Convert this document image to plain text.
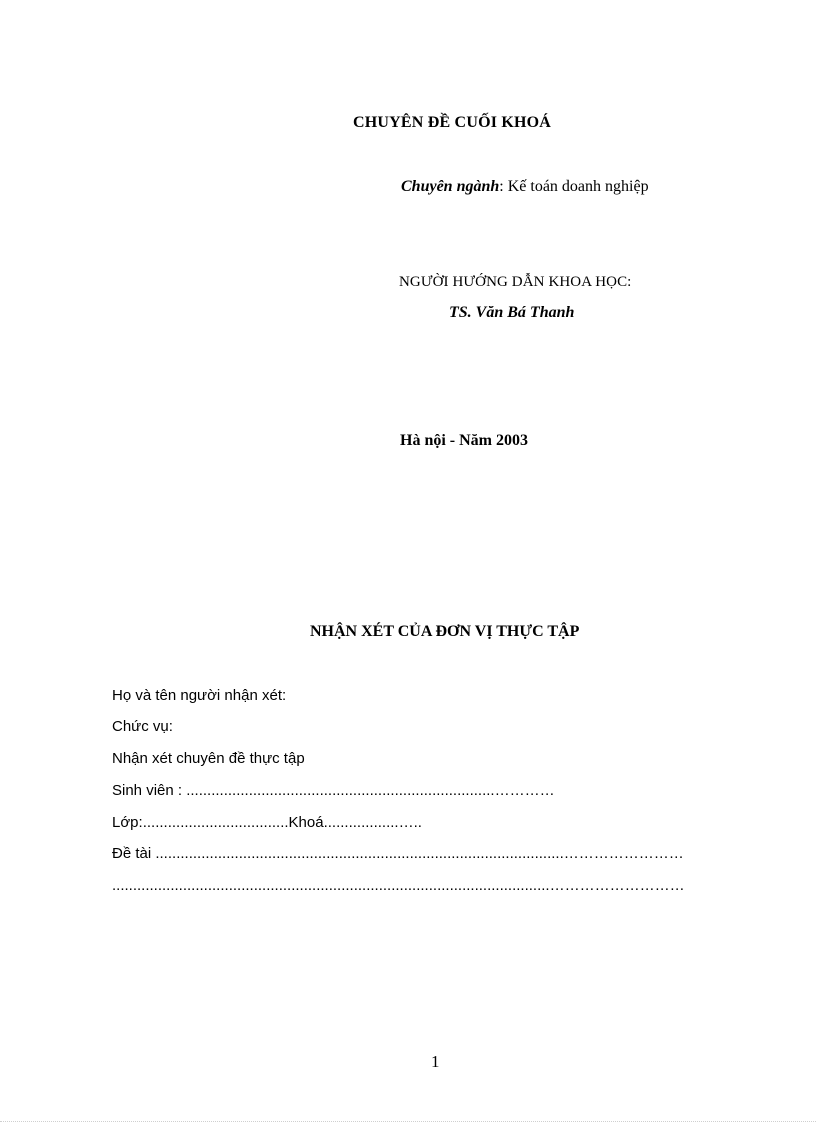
CHUYÊN ĐỀ CUỐI KHOÁ
Chuyên ngành: Kế toán doanh nghiệp
NGƯỜI HƯỚNG DẪN KHOA HỌC:
TS. Văn Bá Thanh
Hà nội - Năm 2003
NHẬN XÉT CỦA ĐƠN VỊ THỰC TẬP
Họ và tên người nhận xét:
Chức vụ:
Nhận xét chuyên đề thực tập
Sinh viên : ..........................................................................…………
Lớp:...................................Khoá..................…..
Đề tài ..................................................................................................……………………
.........................................................................................................………………………
1
